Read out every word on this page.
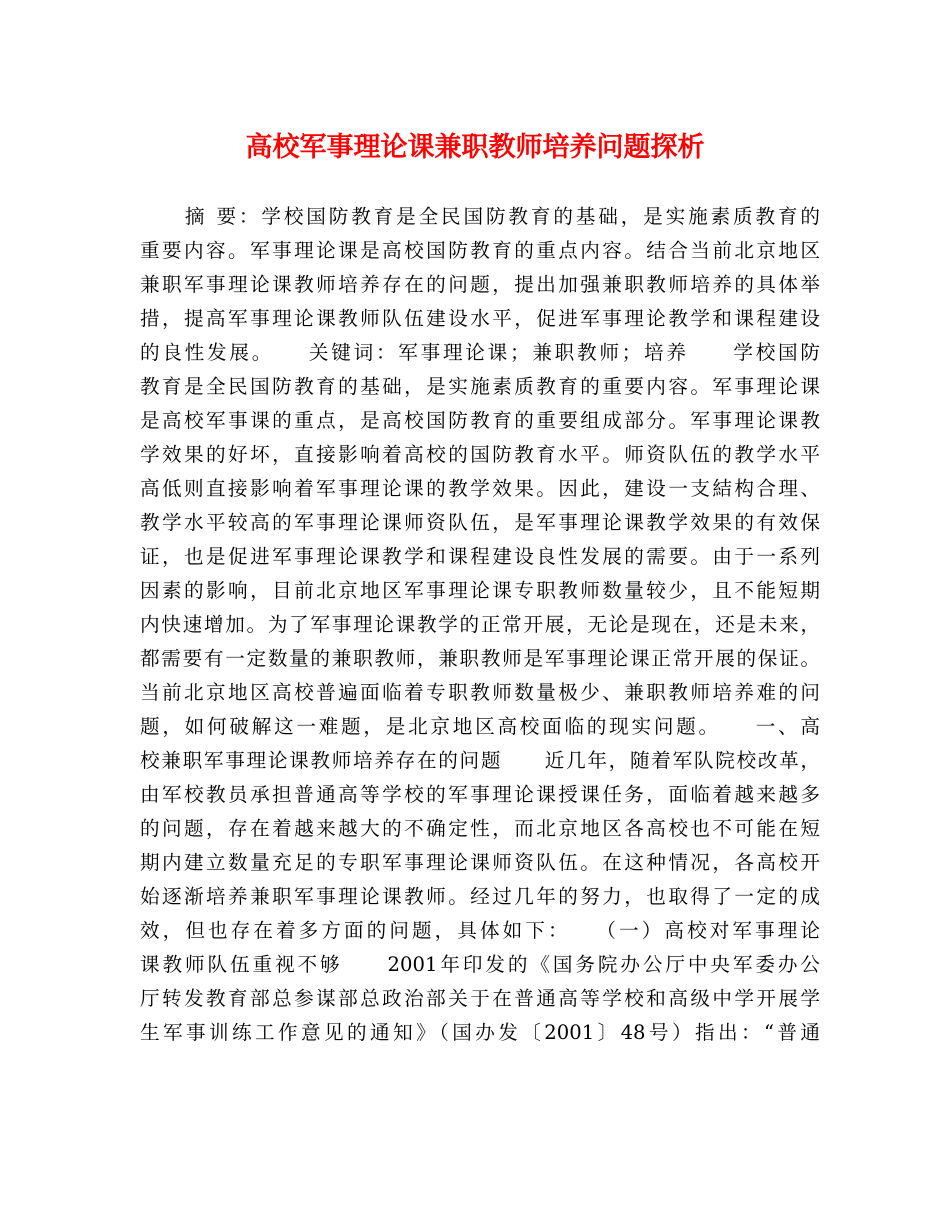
高校军事理论课兼职教师培养问题探析
　　摘 要：学校国防教育是全民国防教育的基础，是实施素质教育的
重要内容。军事理论课是高校国防教育的重点内容。结合当前北京地区
兼职军事理论课教师培养存在的问题，提出加强兼职教师培养的具体举
措，提高军事理论课教师队伍建设水平，促进军事理论教学和课程建设
的良性发展。　　关键词：军事理论课；兼职教师；培养　　学校国防
教育是全民国防教育的基础，是实施素质教育的重要内容。军事理论课
是高校军事课的重点，是高校国防教育的重要组成部分。军事理论课教
学效果的好坏，直接影响着高校的国防教育水平。师资队伍的教学水平
高低则直接影响着军事理论课的教学效果。因此，建设一支結构合理、
教学水平较高的军事理论课师资队伍，是军事理论课教学效果的有效保
证，也是促进军事理论课教学和课程建设良性发展的需要。由于一系列
因素的影响，目前北京地区军事理论课专职教师数量较少，且不能短期
内快速增加。为了军事理论课教学的正常开展，无论是现在，还是未来，
都需要有一定数量的兼职教师，兼职教师是军事理论课正常开展的保证。
当前北京地区高校普遍面临着专职教师数量极少、兼职教师培养难的问
题，如何破解这一难题，是北京地区高校面临的现实问题。　　一、高
校兼职军事理论课教师培养存在的问题　　近几年，随着军队院校改革，
由军校教员承担普通高等学校的军事理论课授课任务，面临着越来越多
的问题，存在着越来越大的不确定性，而北京地区各高校也不可能在短
期内建立数量充足的专职军事理论课师资队伍。在这种情况，各高校开
始逐渐培养兼职军事理论课教师。经过几年的努力，也取得了一定的成
效，但也存在着多方面的问题，具体如下：　　（一）高校对军事理论
课教师队伍重视不够　　2001年印发的《国务院办公厅中央军委办公
厅转发教育部总参谋部总政治部关于在普通高等学校和高级中学开展学
生军事训练工作意见的通知》（国办发〔2001〕48号）指出：“普通
